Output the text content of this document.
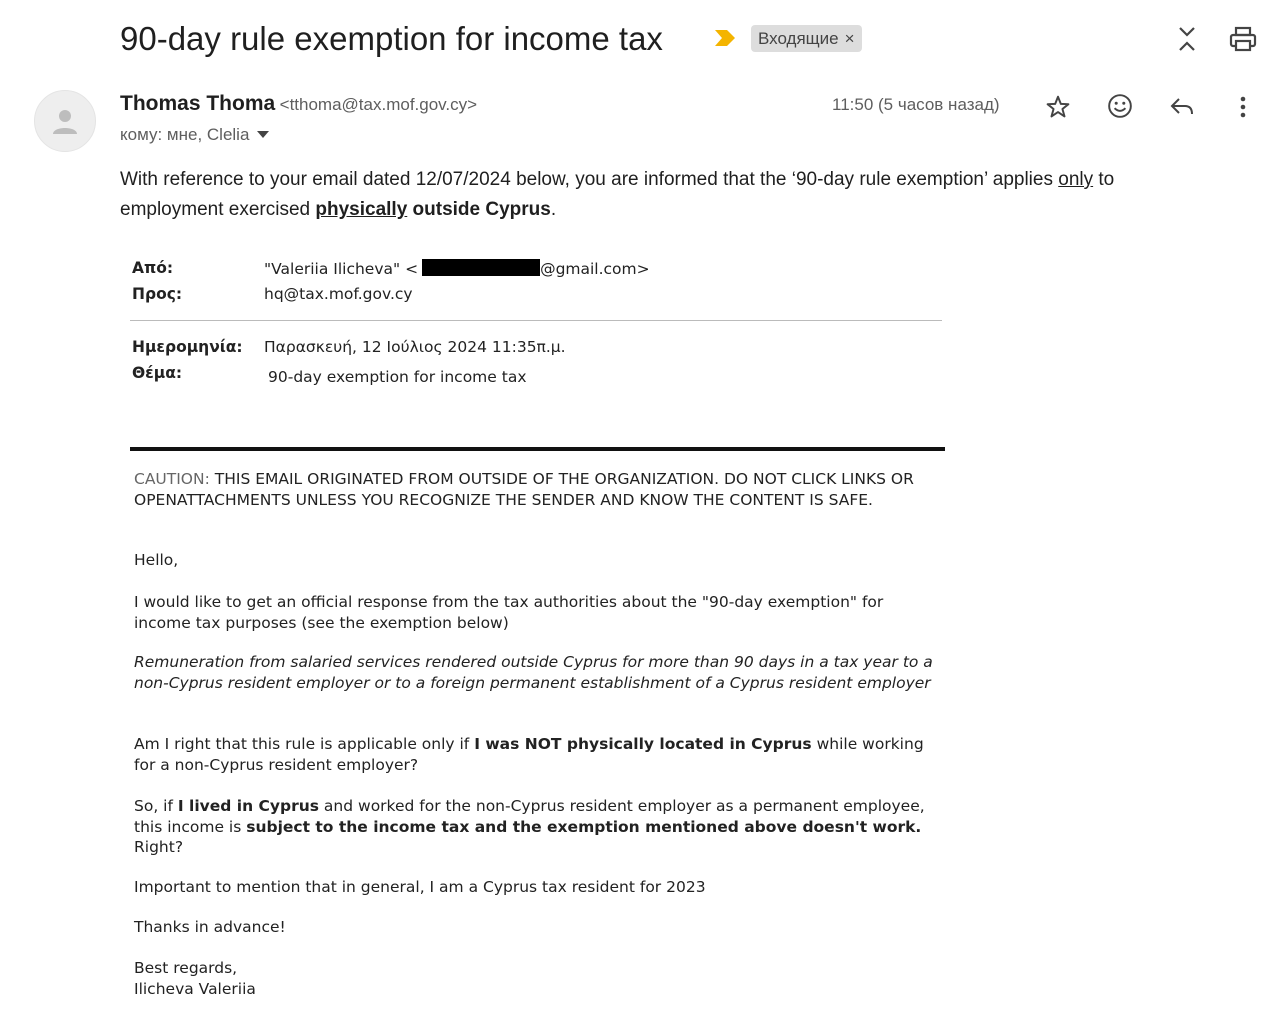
90-day rule exemption for income tax	Входящие ×
Thomas Thoma <tthoma@tax.mof.gov.cy>
кому: мне, Clelia
11:50 (5 часов назад)
With reference to your email dated 12/07/2024 below, you are informed that the ‘90-day rule exemption’ applies only to employment exercised physically outside Cyprus.
Από:	"Valeriia Ilicheva" <	@gmail.com>
Προς:	hq@tax.mof.gov.cy
Ημερομηνία: Παρασκευή, 12 Ιούλιος 2024 11:35π.μ.
Θέμα:	90-day exemption for income tax
CAUTION: THIS EMAIL ORIGINATED FROM OUTSIDE OF THE ORGANIZATION. DO NOT CLICK LINKS OR OPENATTACHMENTS UNLESS YOU RECOGNIZE THE SENDER AND KNOW THE CONTENT IS SAFE.
Hello,
I would like to get an official response from the tax authorities about the "90-day exemption" for income tax purposes (see the exemption below)
Remuneration from salaried services rendered outside Cyprus for more than 90 days in a tax year to a non-Cyprus resident employer or to a foreign permanent establishment of a Cyprus resident employer
Am I right that this rule is applicable only if I was NOT physically located in Cyprus while working for a non-Cyprus resident employer?
So, if I lived in Cyprus and worked for the non-Cyprus resident employer as a permanent employee, this income is subject to the income tax and the exemption mentioned above doesn't work. Right?
Important to mention that in general, I am a Cyprus tax resident for 2023
Thanks in advance!
Best regards,
Ilicheva Valeriia
